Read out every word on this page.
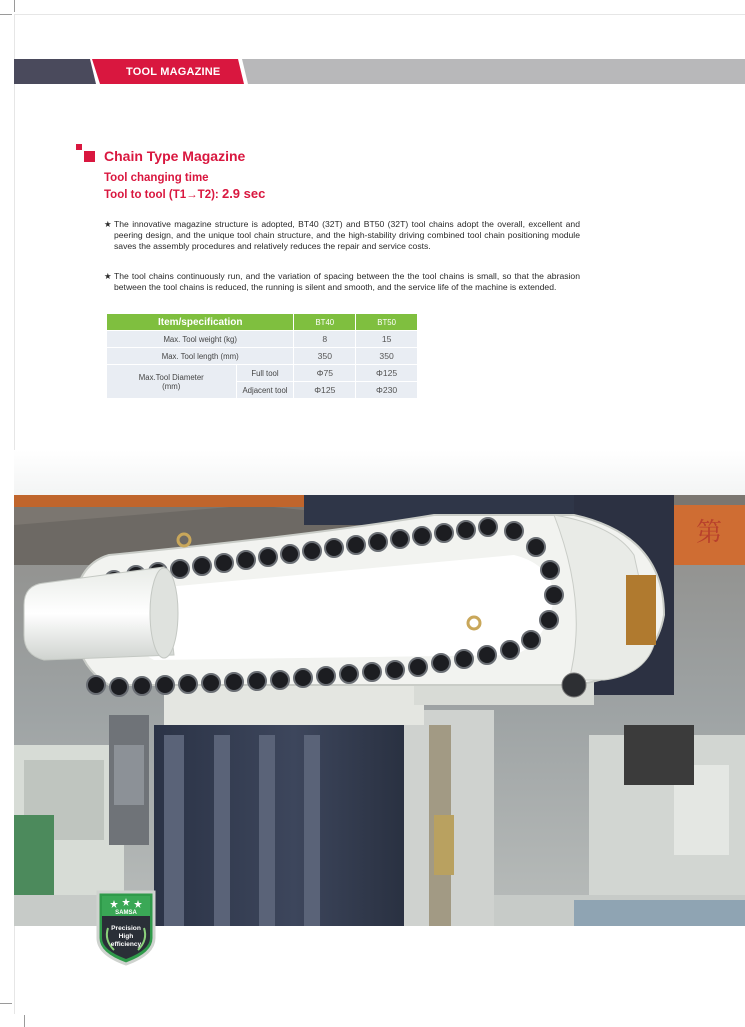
TOOL MAGAZINE
Chain Type Magazine
Tool changing time
Tool to tool (T1→T2): 2.9 sec
★ The innovative magazine structure is adopted, BT40 (32T) and BT50 (32T) tool chains adopt the overall, excellent and peering design, and the unique tool chain structure, and the high-stability driving combined tool chain positioning module saves the assembly procedures and relatively reduces the repair and service costs.
★ The tool chains continuously run, and the variation of spacing between the the tool chains is small, so that the abrasion between the tool chains is reduced, the running is silent and smooth, and the service life of the machine is extended.
Item/specification		BT40	BT50
Max. Tool weight (kg)		8	15
Max. Tool length (mm)		350	350
Max.Tool Diameter
(mm)	Full tool	Φ75	Φ125
	Adjacent tool	Φ125	Φ230
第
SAMSA
Precision
High
efficiency
